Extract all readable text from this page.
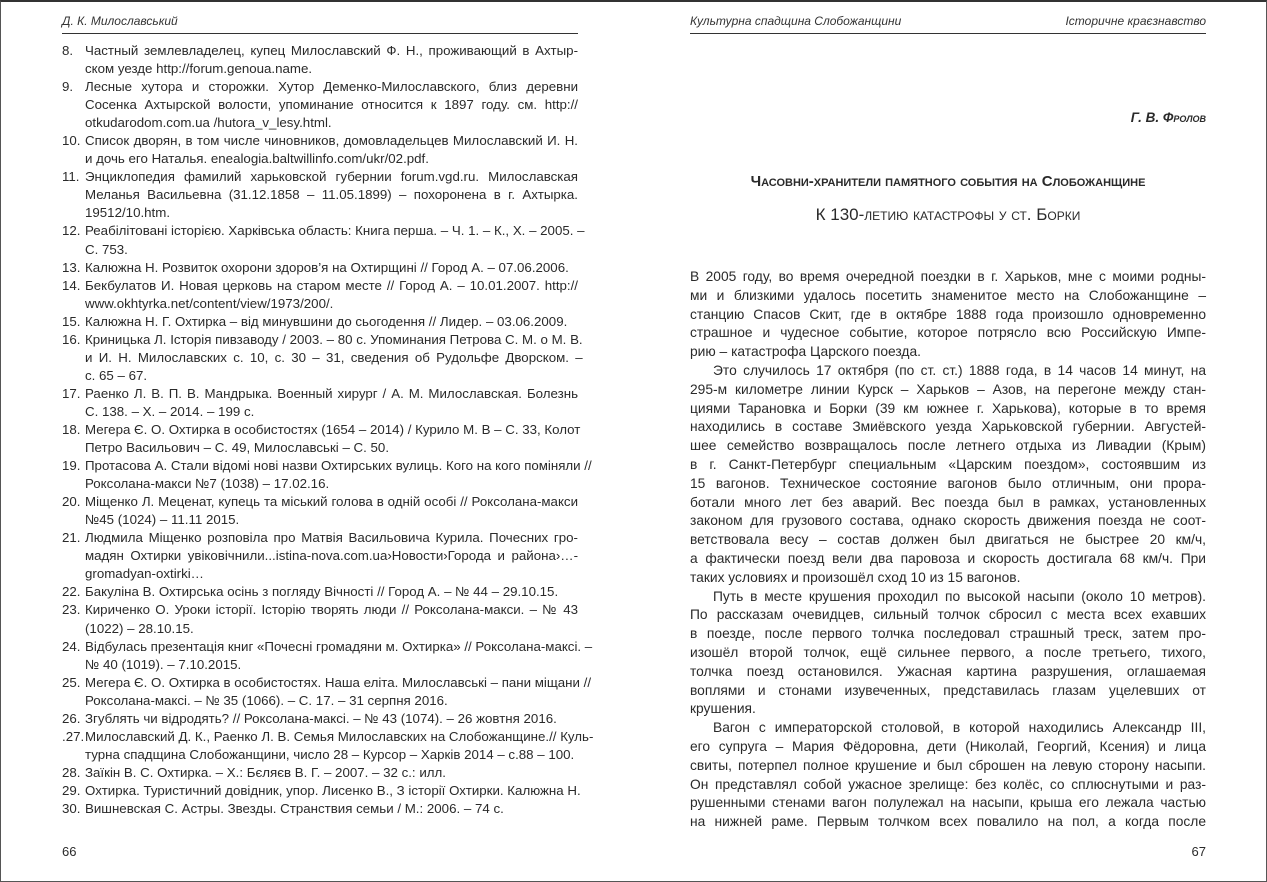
Д. К. Милославський
8. Частный землевладелец, купец Милославский Ф. Н., проживающий в Ахтыр-
ском уезде http://forum.genoua.name.
9. Лесные хутора и сторожки. Хутор Деменко-Милославского, близ деревни
Сосенка Ахтырской волости, упоминание относится к 1897 году. см. http://
otkudarodom.com.ua /hutora_v_lesy.html.
10. Список дворян, в том числе чиновников, домовладельцев Милославский И. Н.
и дочь его Наталья. enealogia.baltwillinfo.com/ukr/02.pdf.
11. Энциклопедия фамилий харьковской губернии forum.vgd.ru. Милославская
Меланья Васильевна (31.12.1858 – 11.05.1899) – похоронена в г. Ахтырка.
19512/10.htm.
12. Реабілітовані історією. Харківська область: Книга перша. – Ч. 1. – К., Х. – 2005. –
С. 753.
13. Калюжна Н. Розвиток охорони здоров’я на Охтирщині // Город А. – 07.06.2006.
14. Бекбулатов И. Новая церковь на старом месте // Город А. – 10.01.2007. http://
www.okhtyrka.net/content/view/1973/200/.
15. Калюжна Н. Г. Охтирка – від минувшини до сьогодення // Лидер. – 03.06.2009.
16. Криницька Л. Історія пивзаводу / 2003. – 80 с. Упоминания Петрова С. М. о М. В.
и И. Н. Милославских с. 10, с. 30 – 31, сведения об Рудольфе Дворском. –
с. 65 – 67.
17. Раенко Л. В. П. В. Мандрыка. Военный хирург / А. М. Милославская. Болезнь
С. 138. – Х. – 2014. – 199 с.
18. Мегера Є. О. Охтирка в особистостях (1654 – 2014) / Курило М. В – С. 33, Колот
Петро Васильович – С. 49, Милославські – С. 50.
19. Протасова А. Стали відомі нові назви Охтирських вулиць. Кого на кого поміняли //
Роксолана-макси №7 (1038) – 17.02.16.
20. Міщенко Л. Меценат, купець та міський голова в одній особі // Роксолана-макси
№45 (1024) – 11.11 2015.
21. Людмила Міщенко розповіла про Матвія Васильовича Курила. Почесних гро-
мадян Охтирки увіковічнили...istina-nova.com.ua›Новости›Города и района›…-
gromadyan-oxtirki…
22. Бакуліна В. Охтирська осінь з погляду Вічності // Город А. – № 44 – 29.10.15.
23. Кириченко О. Уроки історії. Історію творять люди // Роксолана-макси. – № 43
(1022) – 28.10.15.
24. Відбулась презентація книг «Почесні громадяни м. Охтирка» // Роксолана-максі. –
№ 40 (1019). – 7.10.2015.
25. Мегера Є. О. Охтирка в особистостях. Наша еліта. Милославські – пани міщани //
Роксолана-максі. – № 35 (1066). – С. 17. – 31 серпня 2016.
26. Згублять чи відродять? // Роксолана-максі. – № 43 (1074). – 26 жовтня 2016.
.27. Милославский Д. К., Раенко Л. В. Семья Милославских на Слобожанщине.// Куль-
турна спадщина Слобожанщини, число 28 – Курсор – Харків 2014 – с.88 – 100.
28. Заїкін В. С. Охтирка. – Х.: Бєляєв В. Г. – 2007. – 32 с.: илл.
29. Охтирка. Туристичний довідник, упор. Лисенко В., З історії Охтирки. Калюжна Н.
30. Вишневская С. Астры. Звезды. Странствия семьи / М.: 2006. – 74 с.
66
Культурна спадщина Слобожанщини	Історичне краєзнавство
Г. В. Фролов
Часовни-хранители памятного события на Слобожанщине
К 130-летию катастрофы у ст. Борки
В 2005 году, во время очередной поездки в г. Харьков, мне с моими родны-
ми и близкими удалось посетить знаменитое место на Слобожанщине –
станцию Спасов Скит, где в октябре 1888 года произошло одновременно
страшное и чудесное событие, которое потрясло всю Российскую Импе-
рию – катастрофа Царского поезда.
Это случилось 17 октября (по ст. ст.) 1888 года, в 14 часов 14 минут, на
295-м километре линии Курск – Харьков – Азов, на перегоне между стан-
циями Тарановка и Борки (39 км южнее г. Харькова), которые в то время
находились в составе Змиёвского уезда Харьковской губернии. Августей-
шее семейство возвращалось после летнего отдыха из Ливадии (Крым)
в г. Санкт-Петербург специальным «Царским поездом», состоявшим из
15 вагонов. Техническое состояние вагонов было отличным, они прора-
ботали много лет без аварий. Вес поезда был в рамках, установленных
законом для грузового состава, однако скорость движения поезда не соот-
ветствовала весу – состав должен был двигаться не быстрее 20 км/ч,
а фактически поезд вели два паровоза и скорость достигала 68 км/ч. При
таких условиях и произошёл сход 10 из 15 вагонов.
Путь в месте крушения проходил по высокой насыпи (около 10 метров).
По рассказам очевидцев, сильный толчок сбросил с места всех ехавших
в поезде, после первого толчка последовал страшный треск, затем про-
изошёл второй толчок, ещё сильнее первого, а после третьего, тихого,
толчка поезд остановился. Ужасная картина разрушения, оглашаемая
воплями и стонами изувеченных, представилась глазам уцелевших от
крушения.
Вагон с императорской столовой, в которой находились Александр III,
его супруга – Мария Фёдоровна, дети (Николай, Георгий, Ксения) и лица
свиты, потерпел полное крушение и был сброшен на левую сторону насыпи.
Он представлял собой ужасное зрелище: без колёс, со сплюснутыми и раз-
рушенными стенами вагон полулежал на насыпи, крыша его лежала частью
на нижней раме. Первым толчком всех повалило на пол, а когда после
67
